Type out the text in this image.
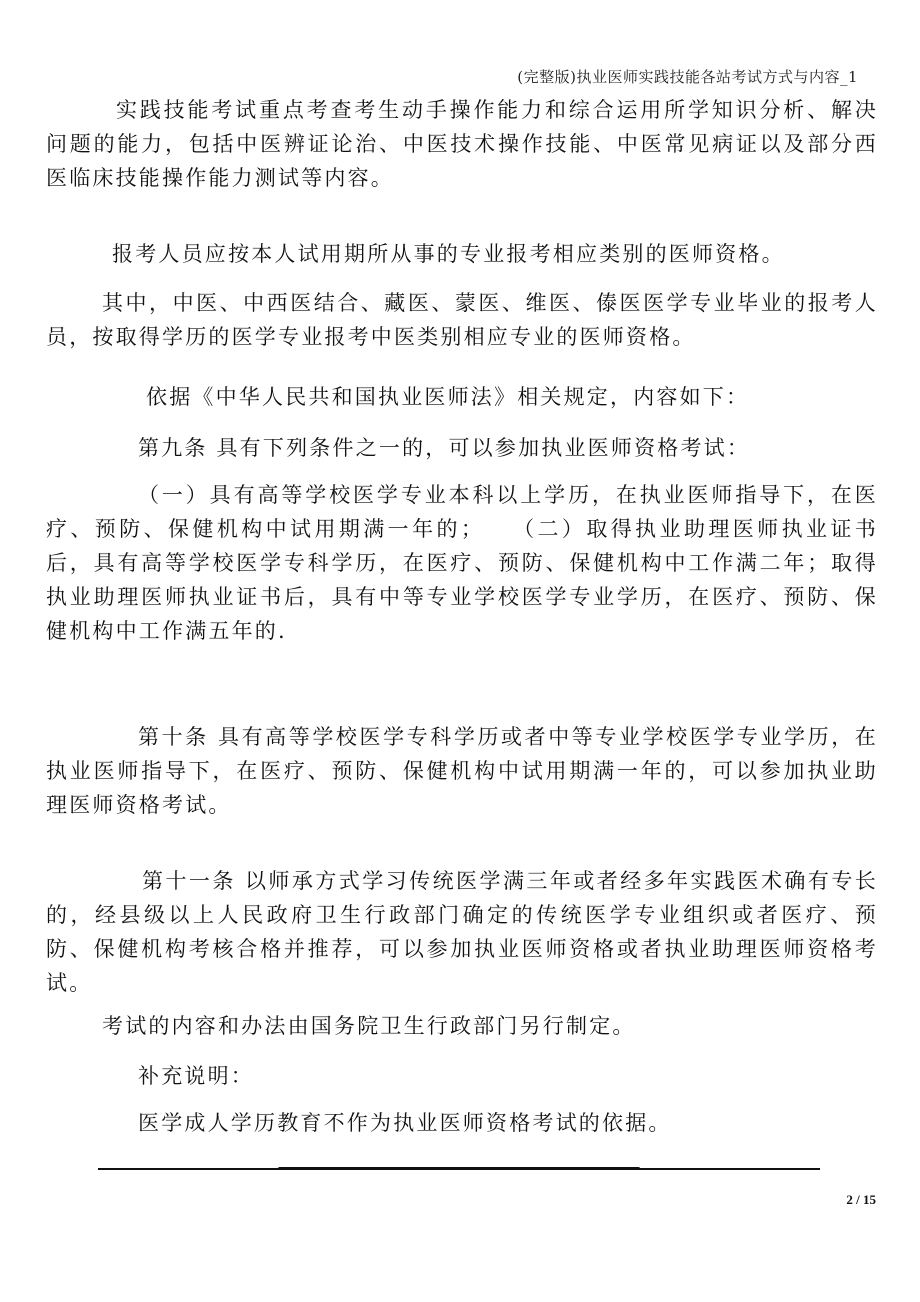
(完整版)执业医师实践技能各站考试方式与内容_1

实践技能考试重点考查考生动手操作能力和综合运用所学知识分析、解决问题的能力，包括中医辨证论治、中医技术操作技能、中医常见病证以及部分西医临床技能操作能力测试等内容。

报考人员应按本人试用期所从事的专业报考相应类别的医师资格。

其中，中医、中西医结合、藏医、蒙医、维医、傣医医学专业毕业的报考人员，按取得学历的医学专业报考中医类别相应专业的医师资格。

依据《中华人民共和国执业医师法》相关规定，内容如下：

第九条 具有下列条件之一的，可以参加执业医师资格考试：

（一）具有高等学校医学专业本科以上学历，在执业医师指导下，在医疗、预防、保健机构中试用期满一年的；　　（二）取得执业助理医师执业证书后，具有高等学校医学专科学历，在医疗、预防、保健机构中工作满二年；取得执业助理医师执业证书后，具有中等专业学校医学专业学历，在医疗、预防、保健机构中工作满五年的.

第十条 具有高等学校医学专科学历或者中等专业学校医学专业学历，在执业医师指导下，在医疗、预防、保健机构中试用期满一年的，可以参加执业助理医师资格考试。

第十一条 以师承方式学习传统医学满三年或者经多年实践医术确有专长的，经县级以上人民政府卫生行政部门确定的传统医学专业组织或者医疗、预防、保健机构考核合格并推荐，可以参加执业医师资格或者执业助理医师资格考试。

考试的内容和办法由国务院卫生行政部门另行制定。

补充说明：

医学成人学历教育不作为执业医师资格考试的依据。

2 / 15
